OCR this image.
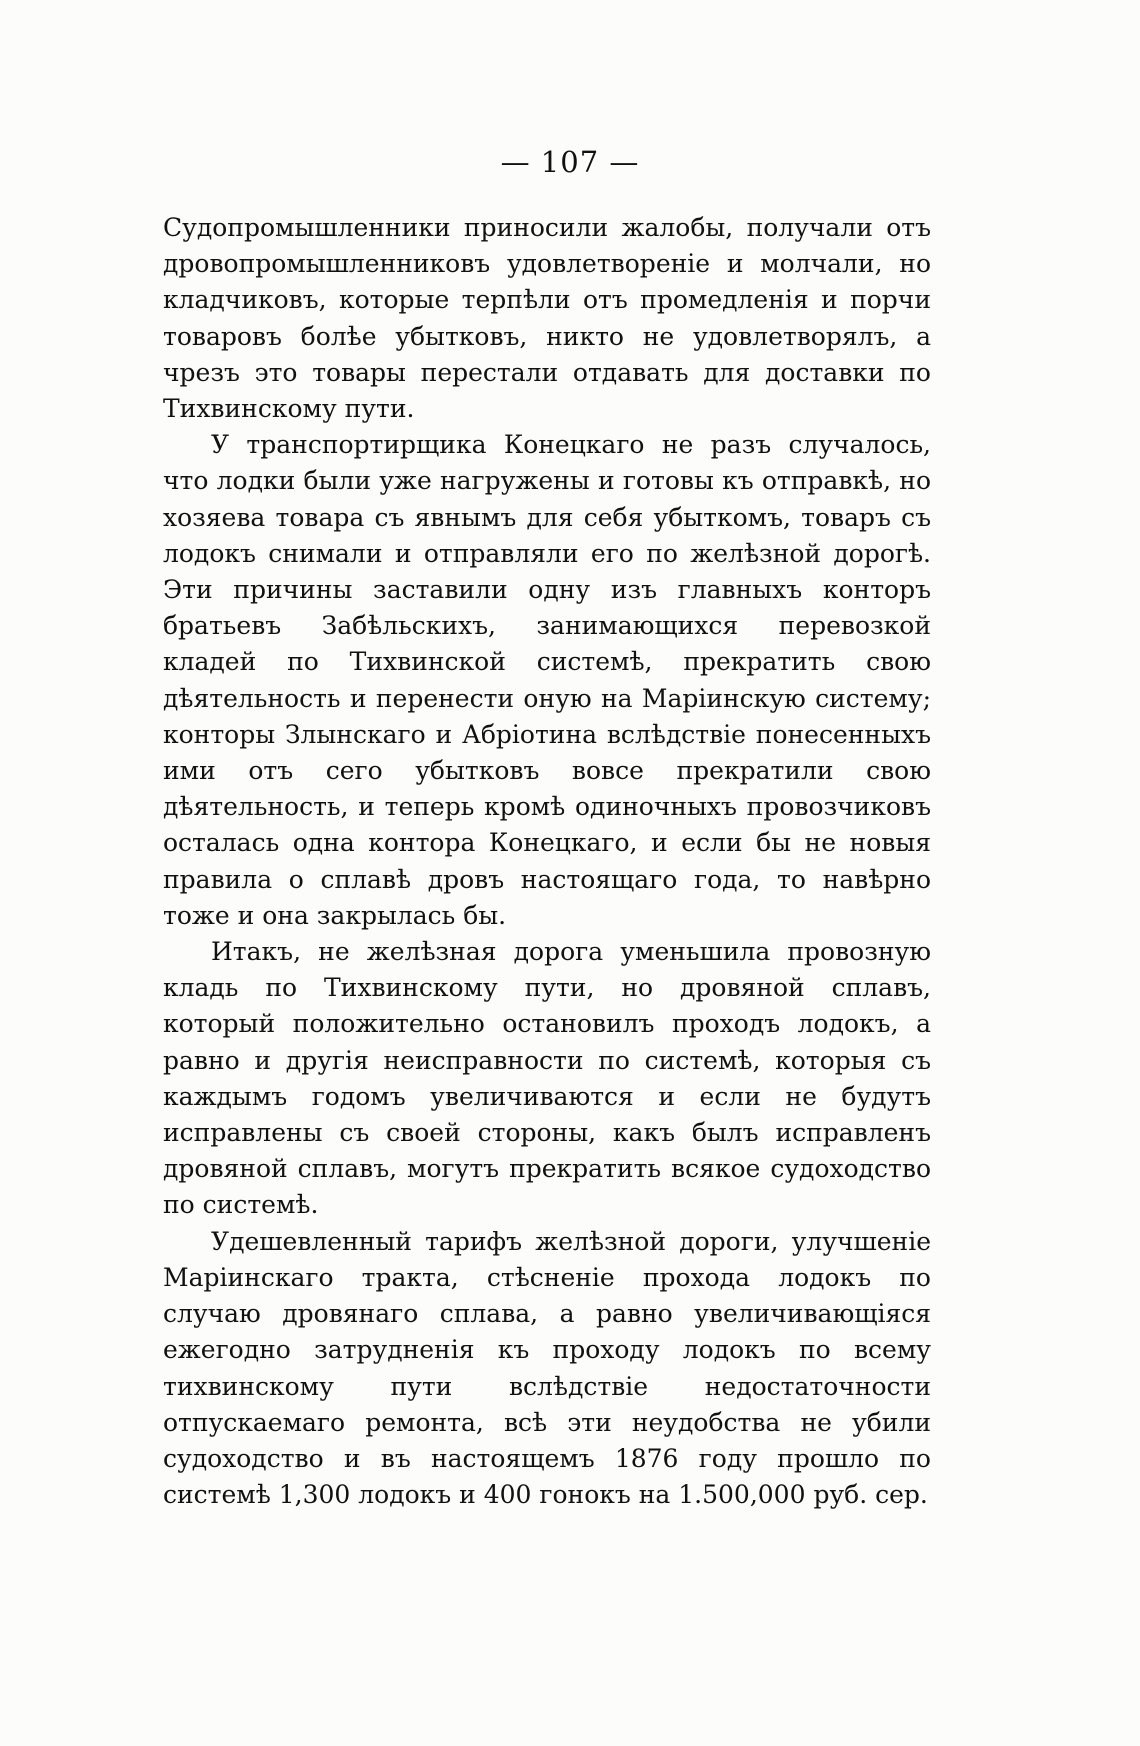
— 107 —

Судопромышленники приносили жалобы, получали отъ дровопромышленниковъ удовлетвореніе и молчали, но кладчиковъ, которые терпѣли отъ промедленія и порчи товаровъ болѣе убытковъ, никто не удовлетворялъ, а чрезъ это товары перестали отдавать для доставки по Тихвинскому пути.

У транспортирщика Конецкаго не разъ случалось, что лодки были уже нагружены и готовы къ отправкѣ, но хозяева товара съ явнымъ для себя убыткомъ, товаръ съ лодокъ снимали и отправляли его по желѣзной дорогѣ. Эти причины заставили одну изъ главныхъ конторъ братьевъ Забѣльскихъ, занимающихся перевозкой кладей по Тихвинской системѣ, прекратить свою дѣятельность и перенести оную на Маріинскую систему; конторы Злынскаго и Абріотина вслѣдствіе понесенныхъ ими отъ сего убытковъ вовсе прекратили свою дѣятельность, и теперь кромѣ одиночныхъ провозчиковъ осталась одна контора Конецкаго, и если бы не новыя правила о сплавѣ дровъ настоящаго года, то навѣрно тоже и она закрылась бы.

Итакъ, не желѣзная дорога уменьшила провозную кладь по Тихвинскому пути, но дровяной сплавъ, который положительно остановилъ проходъ лодокъ, а равно и другія неисправности по системѣ, которыя съ каждымъ годомъ увеличиваются и если не будутъ исправлены съ своей стороны, какъ былъ исправленъ дровяной сплавъ, могутъ прекратить всякое судоходство по системѣ.

Удешевленный тарифъ желѣзной дороги, улучшеніе Маріинскаго тракта, стѣсненіе прохода лодокъ по случаю дровянаго сплава, а равно увеличивающіяся ежегодно затрудненія къ проходу лодокъ по всему тихвинскому пути вслѣдствіе недостаточности отпускаемаго ремонта, всѣ эти неудобства не убили судоходство и въ настоящемъ 1876 году прошло по системѣ 1,300 лодокъ и 400 гонокъ на 1.500,000 руб. сер.
